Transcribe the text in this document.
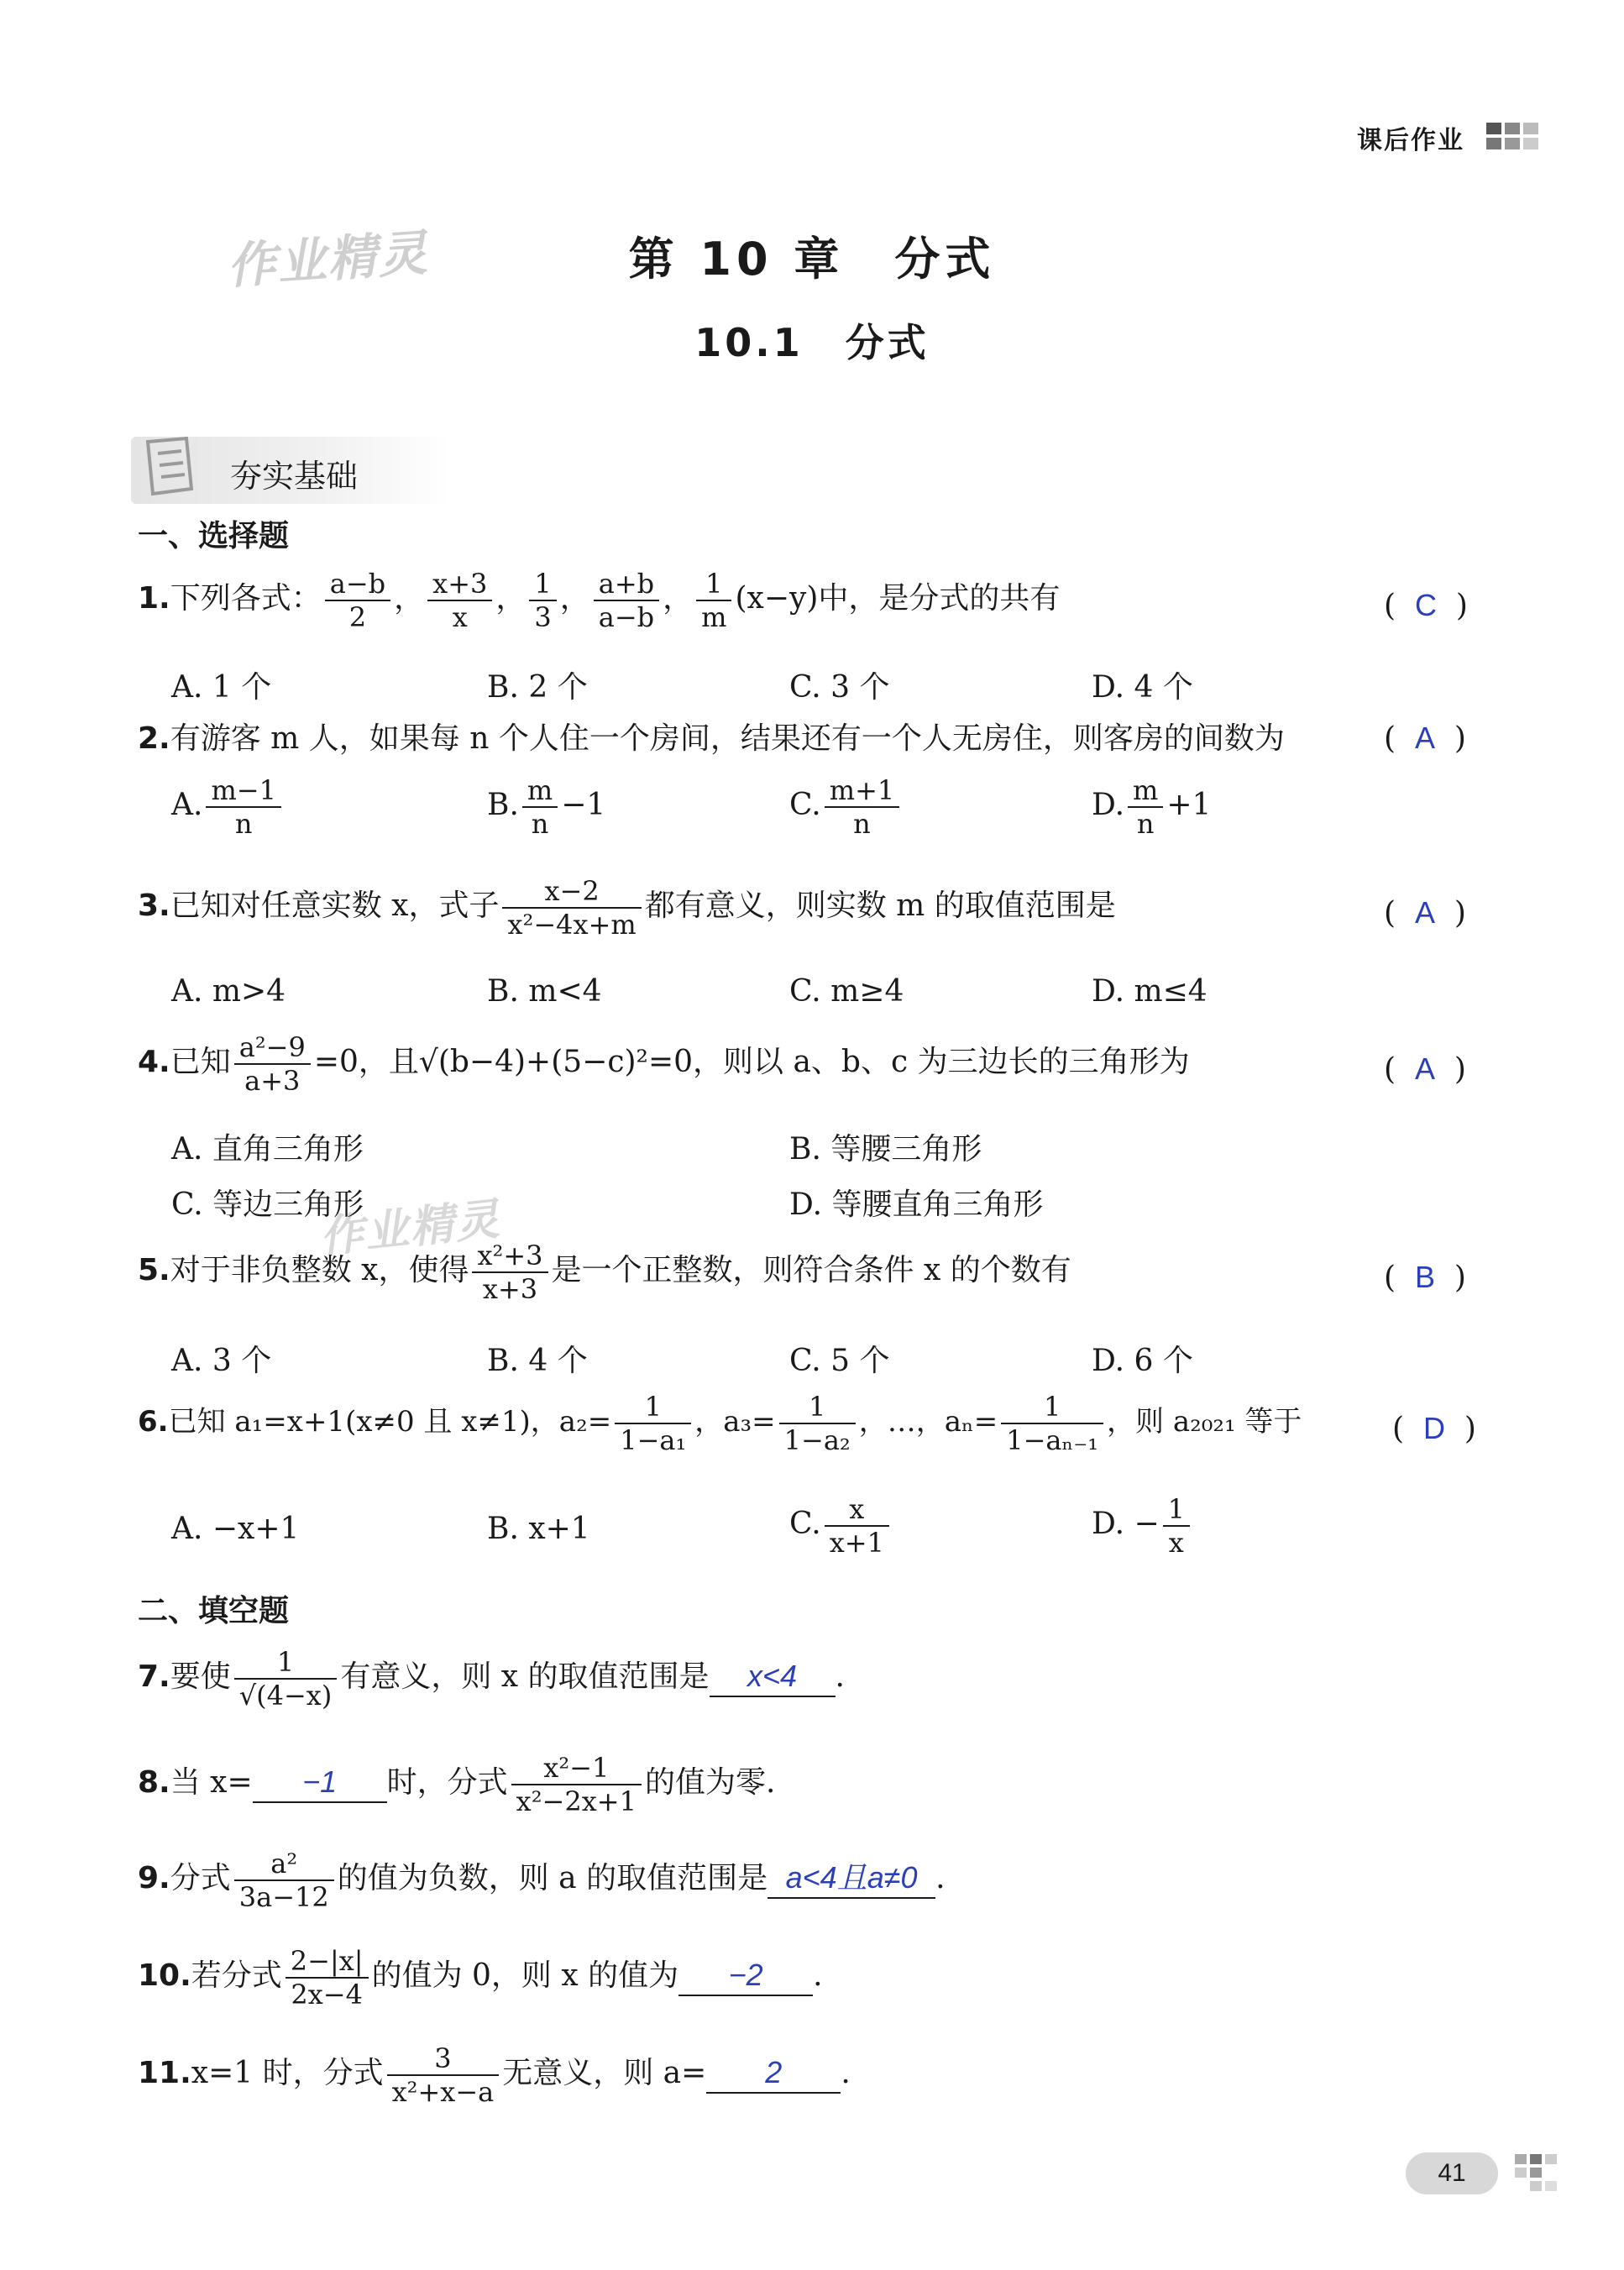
课后作业
作业精灵
作业精灵
第 10 章　分式
10.1　分式
夯实基础
一、选择题
1.下列各式： $\frac{a-b}{2}$ ， $\frac{x+3}{x}$ ， $\frac{1}{3}$ ， $\frac{a+b}{a-b}$ ， $\frac{1}{m} (x-y)$中，是分式的共有	(  C  )
A. 1 个	B. 2 个	C. 3 个	D. 4 个
2.有游客 m 人，如果每 n 个人住一个房间，结果还有一个人无房住，则客房的间数为	(  A  )
A. $\frac{m-1}{n}$	B. $\frac{m}{n} -1$	C. $\frac{m+1}{n}$	D. $\frac{m}{n} +1$
3.已知对任意实数 x，式子 $\frac{x-2}{\text{x²−4x+m}}$ 都有意义，则实数 m 的取值范围是	(  A  )
A. m>4	B. m<4	C. m≥4	D. m≤4
4.已知 $\frac{\text{a²−9}}{a+3} =0$，且√(b−4)+(5−c)²=0，则以 a、b、c 为三边长的三角形为	(  A  )
A. 直角三角形	B. 等腰三角形
C. 等边三角形	D. 等腰直角三角形
5.对于非负整数 x，使得 $\frac{\text{x²+3}}{x+3}$ 是一个正整数，则符合条件 x 的个数有	(  B  )
A. 3 个	B. 4 个	C. 5 个	D. 6 个
6.已知 a₁=x+1(x≠0 且 x≠1)，$a_2= \frac{1}{\text{1−a₁}}$ ，$a_3= \frac{1}{\text{1−a₂}}$ ，…，$a_n= \frac{1}{\text{1−aₙ₋₁}}$ ，则 a₂₀₂₁ 等于	(  D  )
A. −x+1	B. x+1	C. $\frac{x}{x+1}$	D. − $\frac{1}{x}$
二、填空题
7.要使 $\frac{1}{√(4-x)}$ 有意义，则 x 的取值范围是 x<4 .
8.当 x= −1 时，分式 $\frac{\text{x²−1}}{\text{x²−2x+1}}$ 的值为零.
9.分式 $\frac{\text{a²}}{3a-12}$ 的值为负数，则 a 的取值范围是 a<4且a≠0 .
10.若分式 $\frac{2-|x|}{2x-4}$ 的值为 0，则 x 的值为 −2 .
11.x=1 时，分式 $\frac{3}{\text{x²+x−a}}$ 无意义，则 a= 2 .
41
